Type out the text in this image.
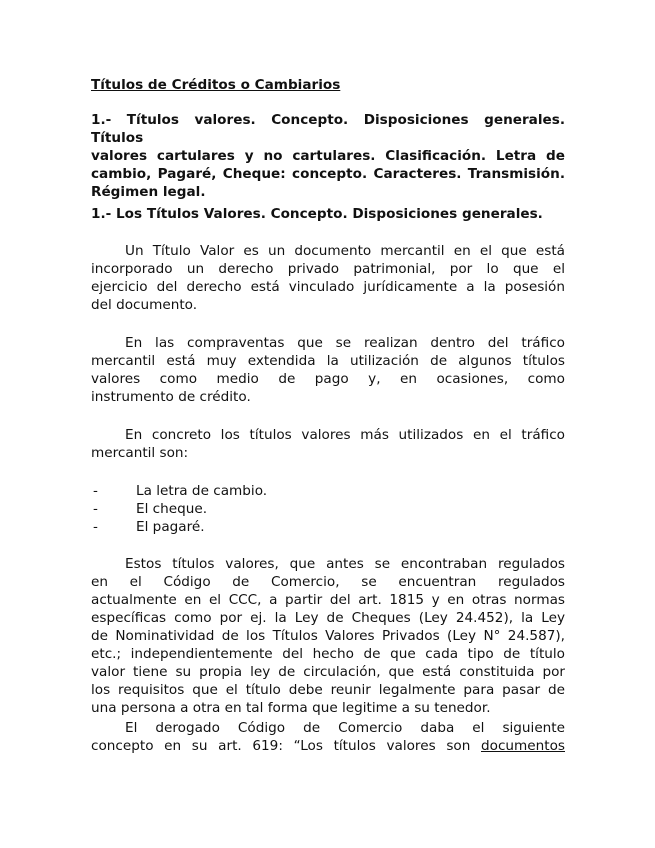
Títulos de Créditos o Cambiarios

1.- Títulos valores. Concepto. Disposiciones generales. Títulos
valores cartulares y no cartulares. Clasificación. Letra de
cambio, Pagaré, Cheque: concepto. Caracteres. Transmisión.
Régimen legal.

1.- Los Títulos Valores. Concepto. Disposiciones generales.

Un Título Valor es un documento mercantil en el que está
incorporado un derecho privado patrimonial, por lo que el
ejercicio del derecho está vinculado jurídicamente a la posesión
del documento.
En las compraventas que se realizan dentro del tráfico
mercantil está muy extendida la utilización de algunos títulos
valores como medio de pago y, en ocasiones, como
instrumento de crédito.
En concreto los títulos valores más utilizados en el tráfico
mercantil son:
-	La letra de cambio.
-	El cheque.
-	El pagaré.
Estos títulos valores, que antes se encontraban regulados
en el Código de Comercio, se encuentran regulados
actualmente en el CCC, a partir del art. 1815 y en otras normas
específicas como por ej. la Ley de Cheques (Ley 24.452), la Ley
de Nominatividad de los Títulos Valores Privados (Ley N° 24.587),
etc.; independientemente del hecho de que cada tipo de título
valor tiene su propia ley de circulación, que está constituida por
los requisitos que el título debe reunir legalmente para pasar de
una persona a otra en tal forma que legitime a su tenedor.
El derogado Código de Comercio daba el siguiente
concepto en su art. 619: “Los títulos valores son documentos
